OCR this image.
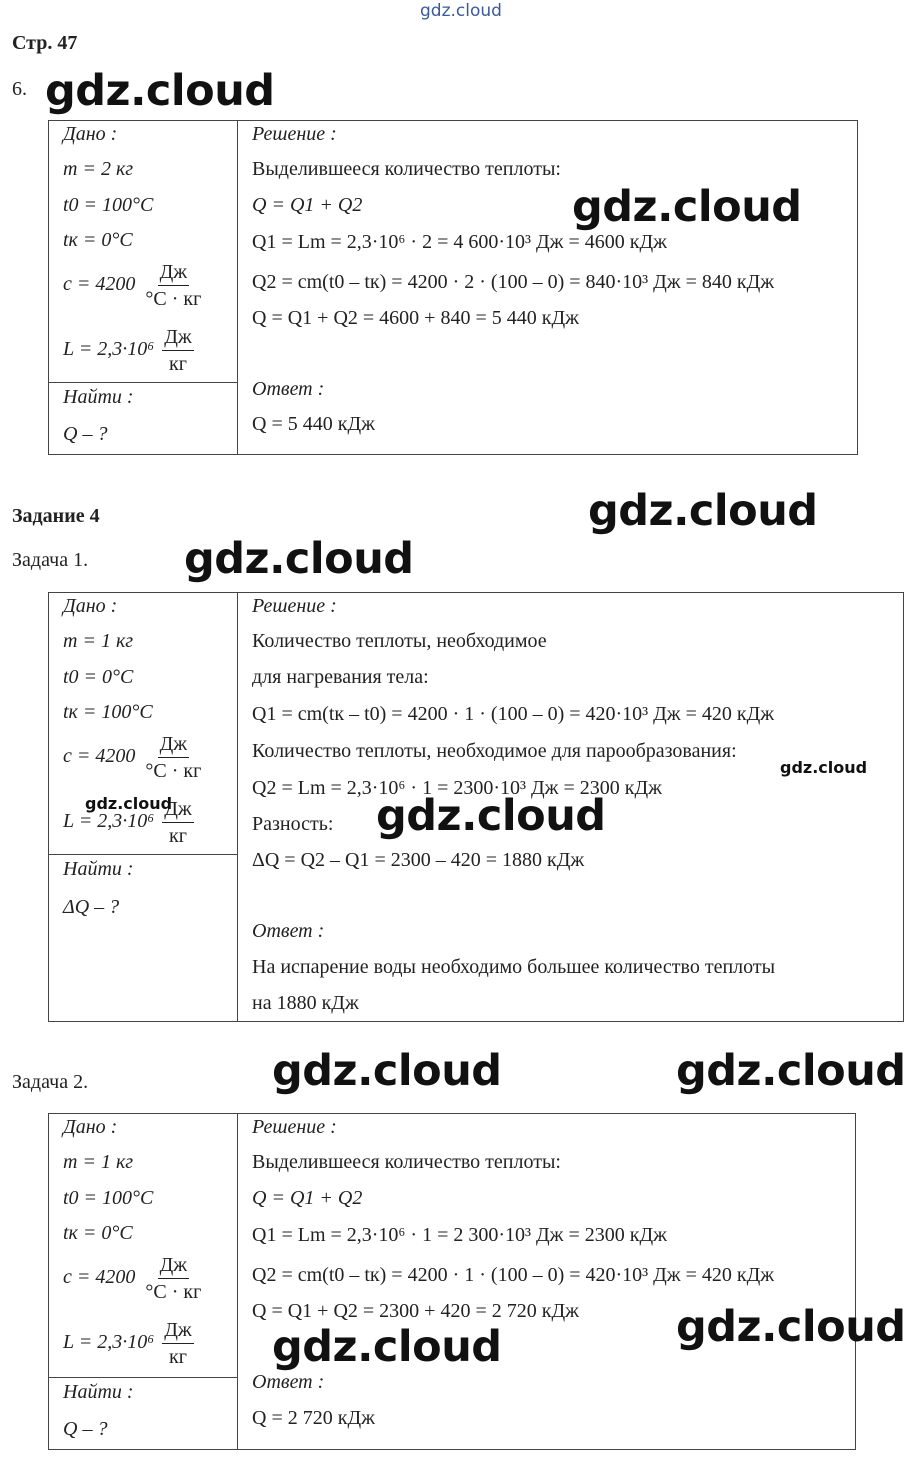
gdz.cloud
Стр. 47
6. gdz.cloud
Дано :
m = 2 кг
t0 = 100°C
tк = 0°C
$c = 4200 \frac{Дж}{^\circ C \cdot кг}$
$L = 2,3\cdot 10^6 \frac{Дж}{кг}$
Найти :
Q – ?
Решение :
Выделившееся количество теплоты:
Q = Q1 + Q2
Q1 = Lm = 2,3·10⁶ · 2 = 4 600·10³ Дж = 4600 кДж
Q2 = cm(t0 – tк) = 4200 · 2 · (100 – 0) = 840·10³ Дж = 840 кДж
Q = Q1 + Q2 = 4600 + 840 = 5 440 кДж
Ответ :
Q = 5 440 кДж
gdz.cloud
Задание 4	gdz.cloud
Задача 1. gdz.cloud
Дано :
m = 1 кг
t0 = 0°C
tк = 100°C
$c = 4200 \frac{Дж}{^\circ C \cdot кг}$
$L = 2,3\cdot 10^6 \frac{Дж}{кг}$
Найти :
ΔQ – ?
Решение :
Количество теплоты, необходимое
для нагревания тела:
Q1 = cm(tк – t0) = 4200 · 1 · (100 – 0) = 420·10³ Дж = 420 кДж
Количество теплоты, необходимое для парообразования:
Q2 = Lm = 2,3·10⁶ · 1 = 2300·10³ Дж = 2300 кДж
Разность:
ΔQ = Q2 – Q1 = 2300 – 420 = 1880 кДж
Ответ :
На испарение воды необходимо большее количество теплоты
на 1880 кДж
gdz.cloud
gdz.cloud	gdz.cloud
Задача 2.	gdz.cloud	gdz.cloud
Дано :
m = 1 кг
t0 = 100°C
tк = 0°C
$c = 4200 \frac{Дж}{^\circ C \cdot кг}$
$L = 2,3\cdot 10^6 \frac{Дж}{кг}$
Найти :
Q – ?
Решение :
Выделившееся количество теплоты:
Q = Q1 + Q2
Q1 = Lm = 2,3·10⁶ · 1 = 2 300·10³ Дж = 2300 кДж
Q2 = cm(t0 – tк) = 4200 · 1 · (100 – 0) = 420·10³ Дж = 420 кДж
Q = Q1 + Q2 = 2300 + 420 = 2 720 кДж
Ответ :
Q = 2 720 кДж
gdz.cloud
gdz.cloud
